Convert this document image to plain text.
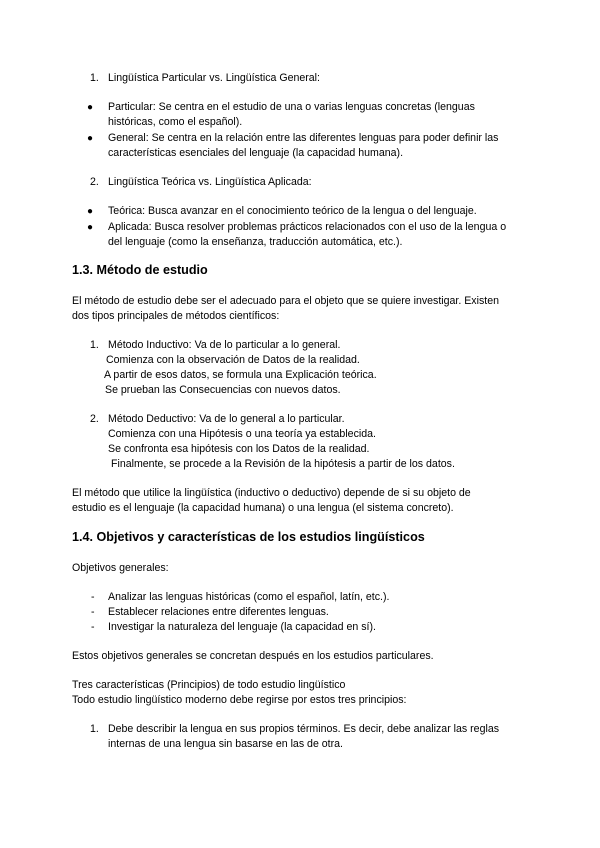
1. Lingüística Particular vs. Lingüística General:
● Particular: Se centra en el estudio de una o varias lenguas concretas (lenguas
históricas, como el español).
● General: Se centra en la relación entre las diferentes lenguas para poder definir las
características esenciales del lenguaje (la capacidad humana).
2. Lingüística Teórica vs. Lingüística Aplicada:
● Teórica: Busca avanzar en el conocimiento teórico de la lengua o del lenguaje.
● Aplicada: Busca resolver problemas prácticos relacionados con el uso de la lengua o
del lenguaje (como la enseñanza, traducción automática, etc.).
1.3. Método de estudio
El método de estudio debe ser el adecuado para el objeto que se quiere investigar. Existen
dos tipos principales de métodos científicos:
1. Método Inductivo: Va de lo particular a lo general.
Comienza con la observación de Datos de la realidad.
A partir de esos datos, se formula una Explicación teórica.
Se prueban las Consecuencias con nuevos datos.
2. Método Deductivo: Va de lo general a lo particular.
Comienza con una Hipótesis o una teoría ya establecida.
Se confronta esa hipótesis con los Datos de la realidad.
Finalmente, se procede a la Revisión de la hipótesis a partir de los datos.
El método que utilice la lingüística (inductivo o deductivo) depende de si su objeto de
estudio es el lenguaje (la capacidad humana) o una lengua (el sistema concreto).
1.4. Objetivos y características de los estudios lingüísticos
Objetivos generales:
- Analizar las lenguas históricas (como el español, latín, etc.).
- Establecer relaciones entre diferentes lenguas.
- Investigar la naturaleza del lenguaje (la capacidad en sí).
Estos objetivos generales se concretan después en los estudios particulares.
Tres características (Principios) de todo estudio lingüístico
Todo estudio lingüístico moderno debe regirse por estos tres principios:
1. Debe describir la lengua en sus propios términos. Es decir, debe analizar las reglas
internas de una lengua sin basarse en las de otra.
